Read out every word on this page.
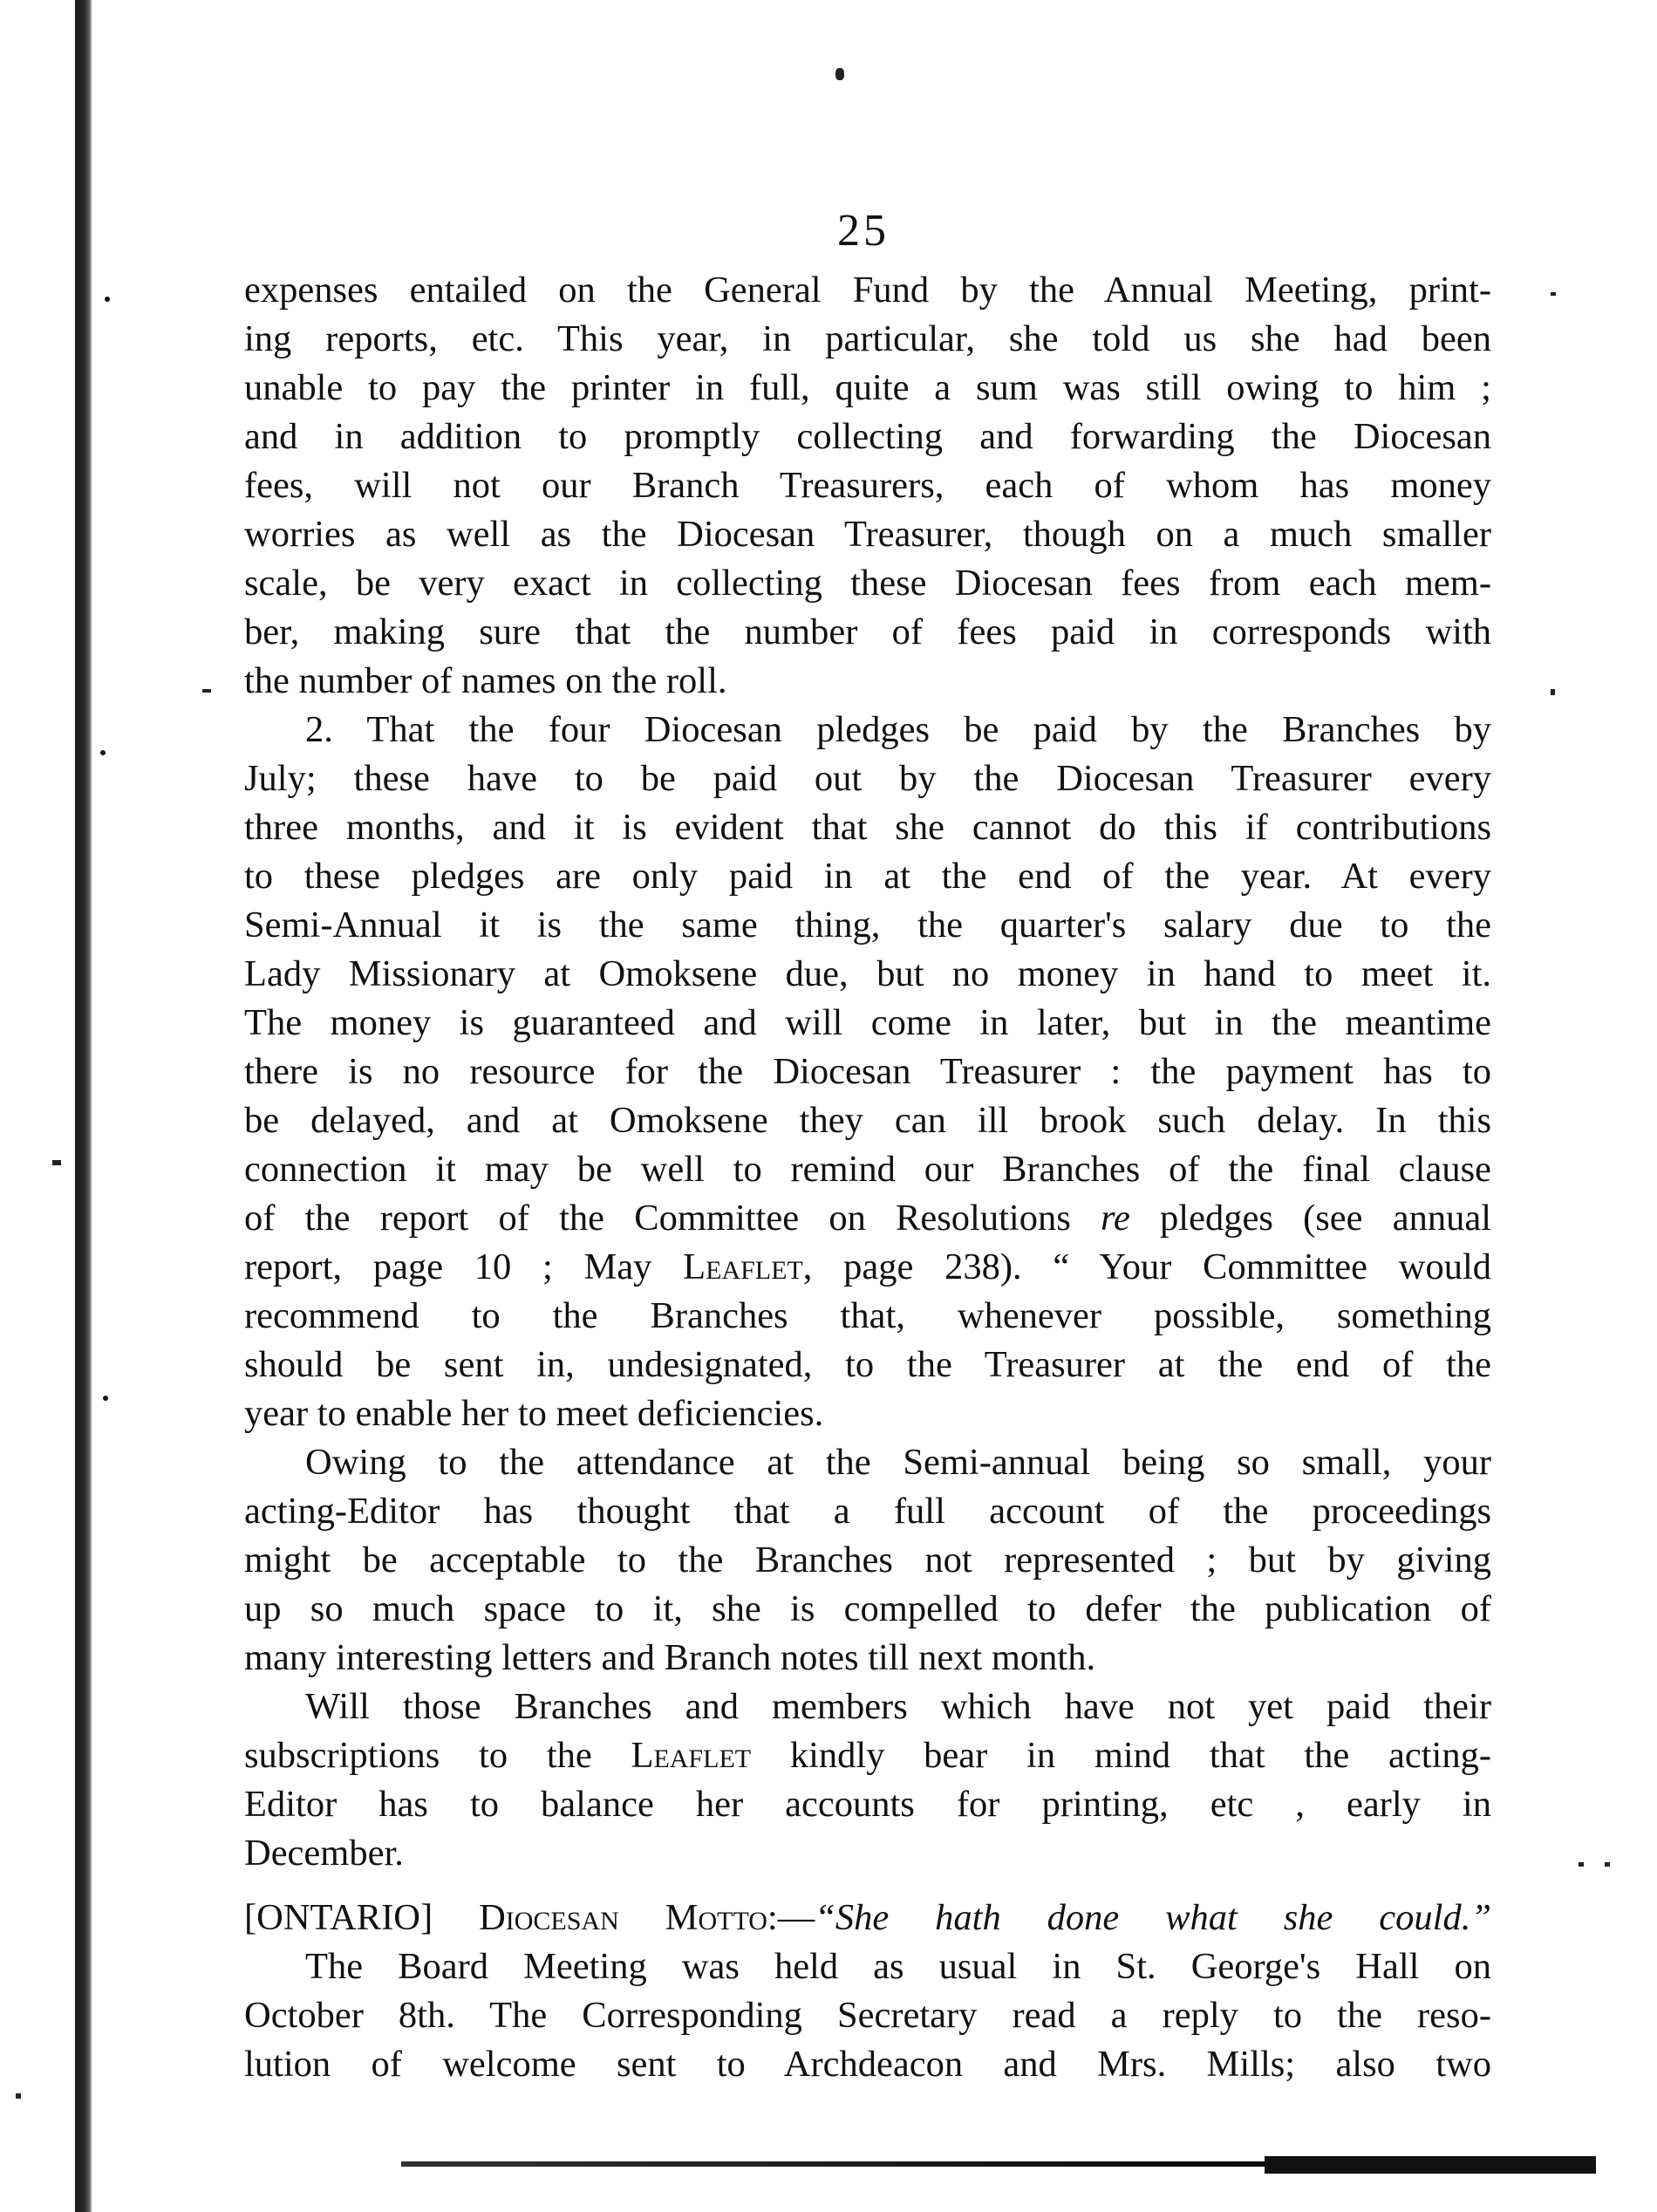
25
expenses entailed on the General Fund by the Annual Meeting, print-
ing reports, etc. This year, in particular, she told us she had been
unable to pay the printer in full, quite a sum was still owing to him ;
and in addition to promptly collecting and forwarding the Diocesan
fees, will not our Branch Treasurers, each of whom has money
worries as well as the Diocesan Treasurer, though on a much smaller
scale, be very exact in collecting these Diocesan fees from each mem-
ber, making sure that the number of fees paid in corresponds with
the number of names on the roll.
2. That the four Diocesan pledges be paid by the Branches by
July; these have to be paid out by the Diocesan Treasurer every
three months, and it is evident that she cannot do this if contributions
to these pledges are only paid in at the end of the year. At every
Semi-Annual it is the same thing, the quarter's salary due to the
Lady Missionary at Omoksene due, but no money in hand to meet it.
The money is guaranteed and will come in later, but in the meantime
there is no resource for the Diocesan Treasurer : the payment has to
be delayed, and at Omoksene they can ill brook such delay. In this
connection it may be well to remind our Branches of the final clause
of the report of the Committee on Resolutions re pledges (see annual
report, page 10 ; May Leaflet, page 238). “ Your Committee would
recommend to the Branches that, whenever possible, something
should be sent in, undesignated, to the Treasurer at the end of the
year to enable her to meet deficiencies.
Owing to the attendance at the Semi-annual being so small, your
acting-Editor has thought that a full account of the proceedings
might be acceptable to the Branches not represented ; but by giving
up so much space to it, she is compelled to defer the publication of
many interesting letters and Branch notes till next month.
Will those Branches and members which have not yet paid their
subscriptions to the Leaflet kindly bear in mind that the acting-
Editor has to balance her accounts for printing, etc , early in
December.
[ONTARIO] Diocesan Motto:—“She hath done what she could.”
The Board Meeting was held as usual in St. George's Hall on
October 8th. The Corresponding Secretary read a reply to the reso-
lution of welcome sent to Archdeacon and Mrs. Mills; also two
